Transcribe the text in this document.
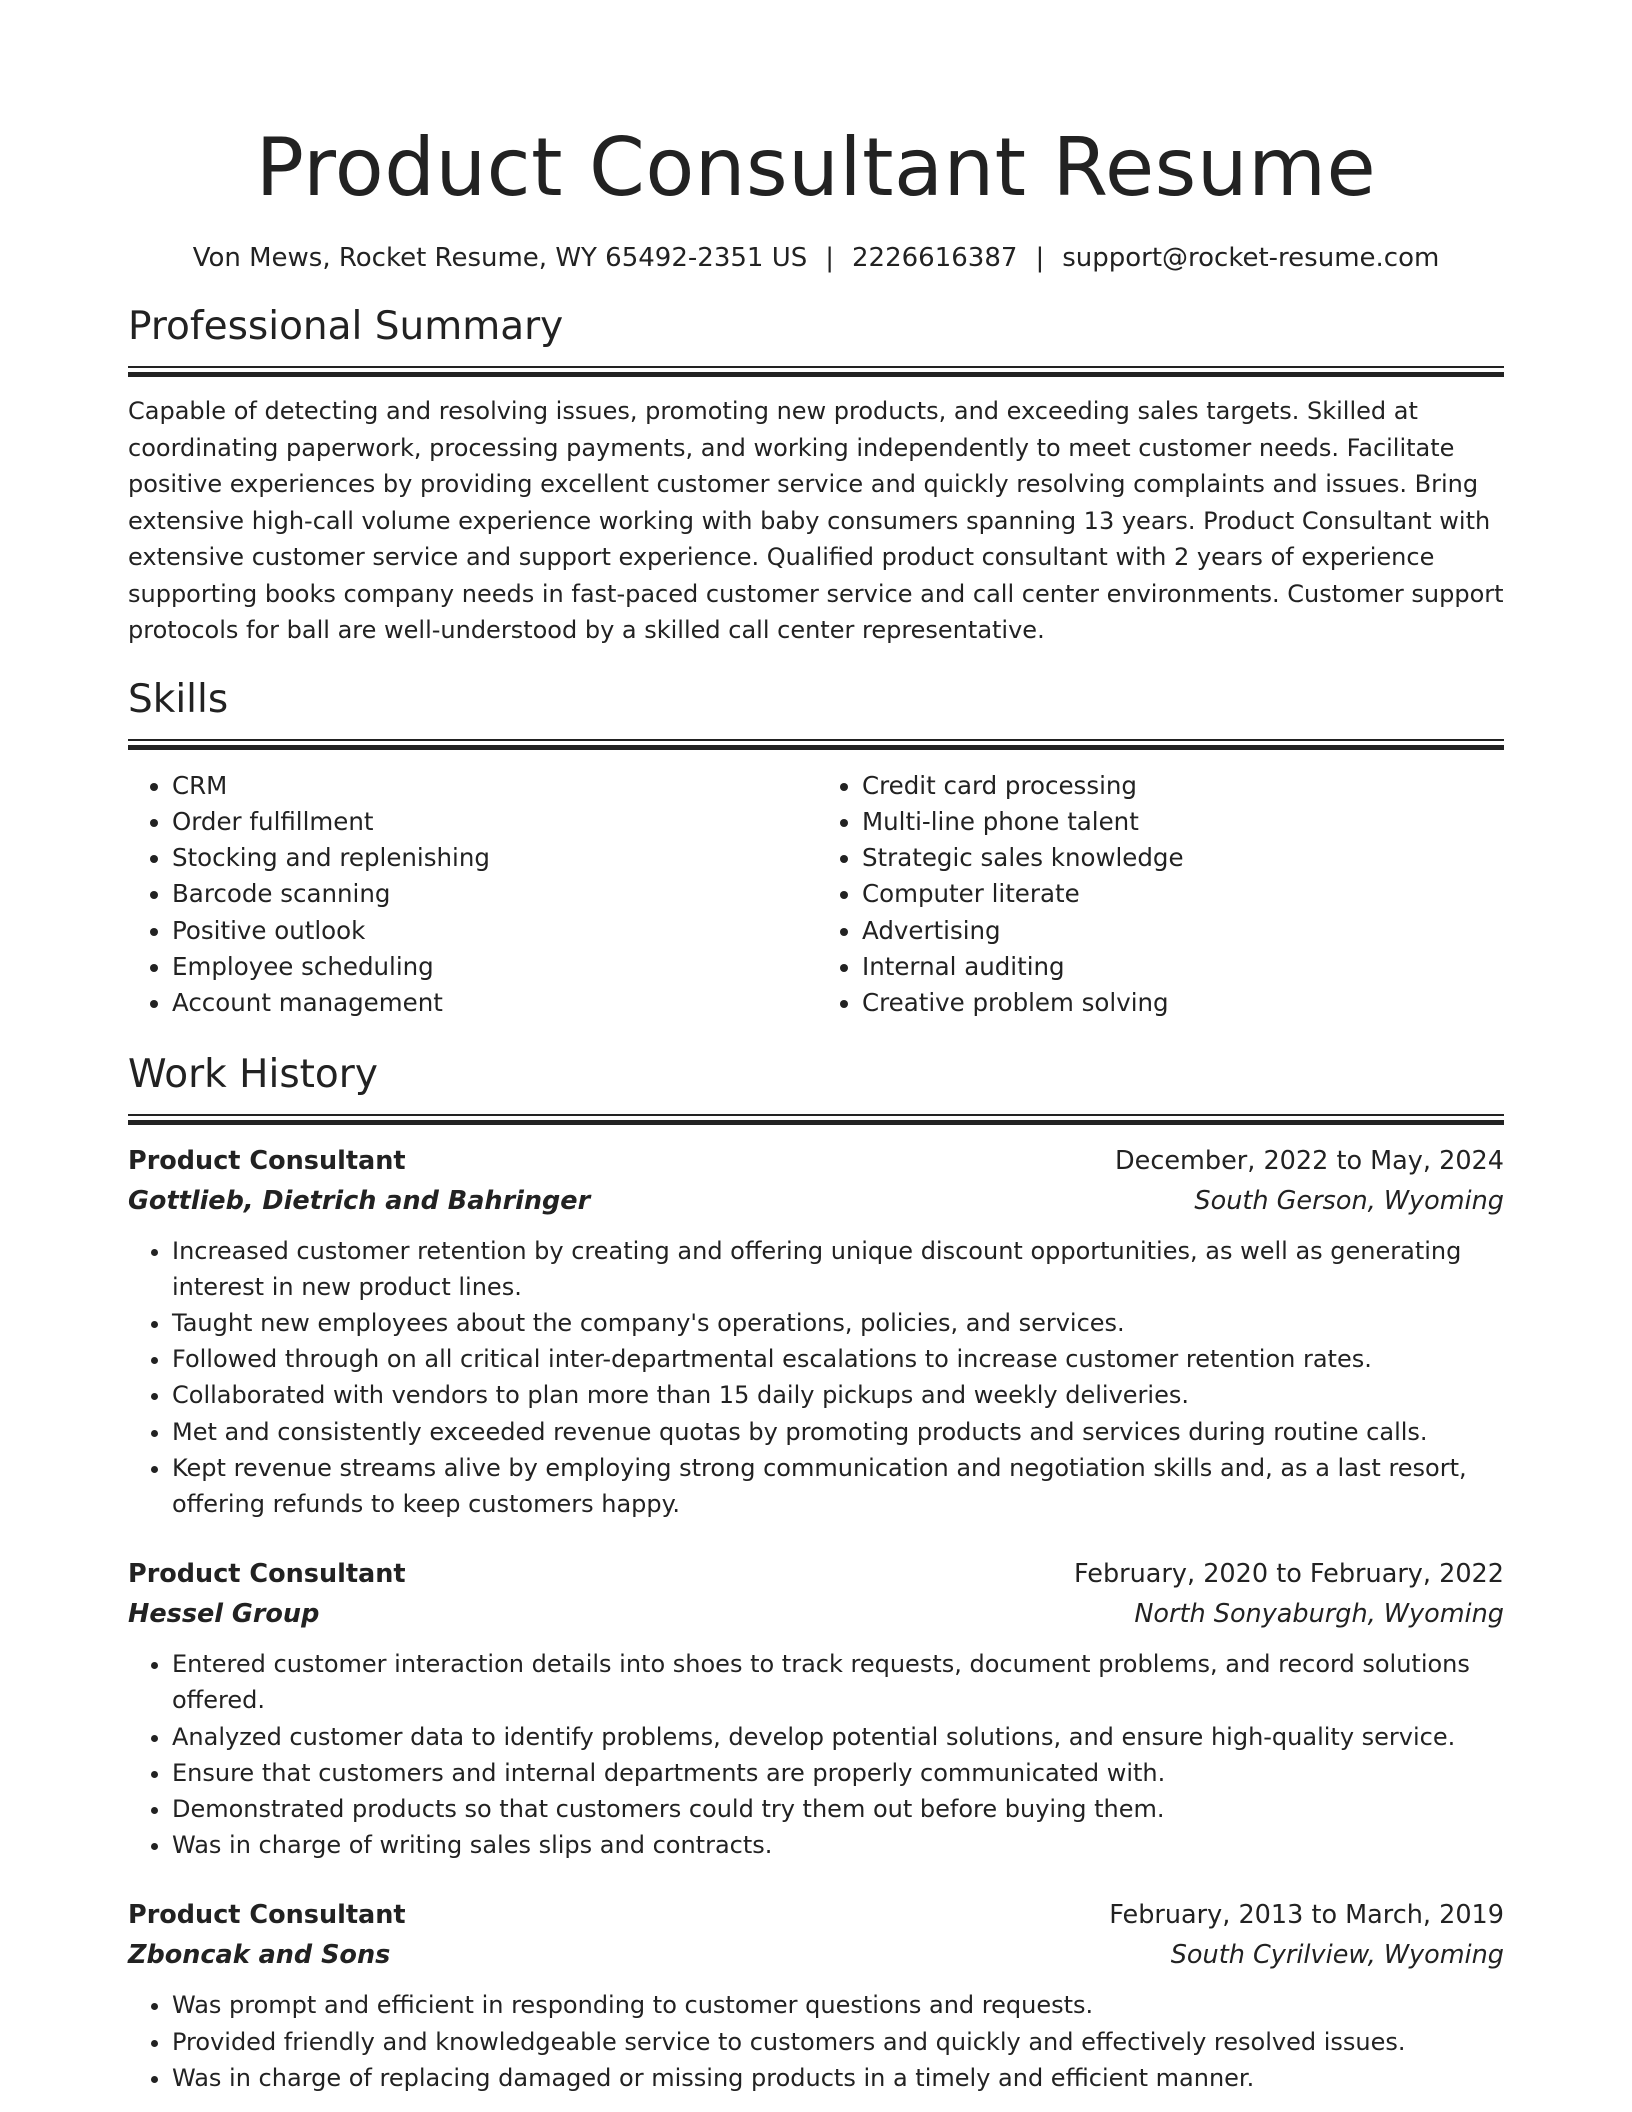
Product Consultant Resume
Von Mews, Rocket Resume, WY 65492-2351 US | 2226616387 | support@rocket-resume.com
Professional Summary

Capable of detecting and resolving issues, promoting new products, and exceeding sales targets. Skilled at coordinating paperwork, processing payments, and working independently to meet customer needs. Facilitate positive experiences by providing excellent customer service and quickly resolving complaints and issues. Bring extensive high-call volume experience working with baby consumers spanning 13 years. Product Consultant with extensive customer service and support experience. Qualified product consultant with 2 years of experience supporting books company needs in fast-paced customer service and call center environments. Customer support protocols for ball are well-understood by a skilled call center representative.

Skills
• CRM
• Order fulfillment
• Stocking and replenishing
• Barcode scanning
• Positive outlook
• Employee scheduling
• Account management
• Credit card processing
• Multi-line phone talent
• Strategic sales knowledge
• Computer literate
• Advertising
• Internal auditing
• Creative problem solving
Work History
Product Consultant	December, 2022 to May, 2024
Gottlieb, Dietrich and Bahringer	South Gerson, Wyoming
• Increased customer retention by creating and offering unique discount opportunities, as well as generating interest in new product lines.
• Taught new employees about the company's operations, policies, and services.
• Followed through on all critical inter-departmental escalations to increase customer retention rates.
• Collaborated with vendors to plan more than 15 daily pickups and weekly deliveries.
• Met and consistently exceeded revenue quotas by promoting products and services during routine calls.
• Kept revenue streams alive by employing strong communication and negotiation skills and, as a last resort, offering refunds to keep customers happy.
Product Consultant	February, 2020 to February, 2022
Hessel Group	North Sonyaburgh, Wyoming
• Entered customer interaction details into shoes to track requests, document problems, and record solutions offered.
• Analyzed customer data to identify problems, develop potential solutions, and ensure high-quality service.
• Ensure that customers and internal departments are properly communicated with.
• Demonstrated products so that customers could try them out before buying them.
• Was in charge of writing sales slips and contracts.
Product Consultant	February, 2013 to March, 2019
Zboncak and Sons	South Cyrilview, Wyoming
• Was prompt and efficient in responding to customer questions and requests.
• Provided friendly and knowledgeable service to customers and quickly and effectively resolved issues.
• Was in charge of replacing damaged or missing products in a timely and efficient manner.
